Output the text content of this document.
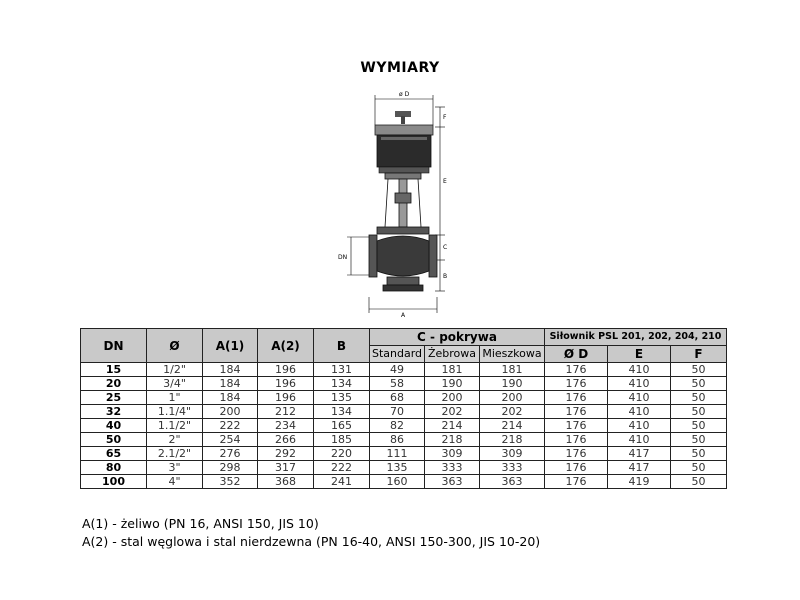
WYMIARY
ø D
F
E
C
B
A
DN
DN	Ø	A(1)	A(2)	B	C - pokrywa			Siłownik PSL 201, 202, 204, 210		
					Standard	Żebrowa	Mieszkowa	Ø D	E	F
15	1/2"	184	196	131	49	181	181	176	410	50
20	3/4"	184	196	134	58	190	190	176	410	50
25	1"	184	196	135	68	200	200	176	410	50
32	1.1/4"	200	212	134	70	202	202	176	410	50
40	1.1/2"	222	234	165	82	214	214	176	410	50
50	2"	254	266	185	86	218	218	176	410	50
65	2.1/2"	276	292	220	111	309	309	176	417	50
80	3"	298	317	222	135	333	333	176	417	50
100	4"	352	368	241	160	363	363	176	419	50
A(1) - żeliwo (PN 16, ANSI 150, JIS 10)
A(2) - stal węglowa i stal nierdzewna (PN 16-40, ANSI 150-300, JIS 10-20)
